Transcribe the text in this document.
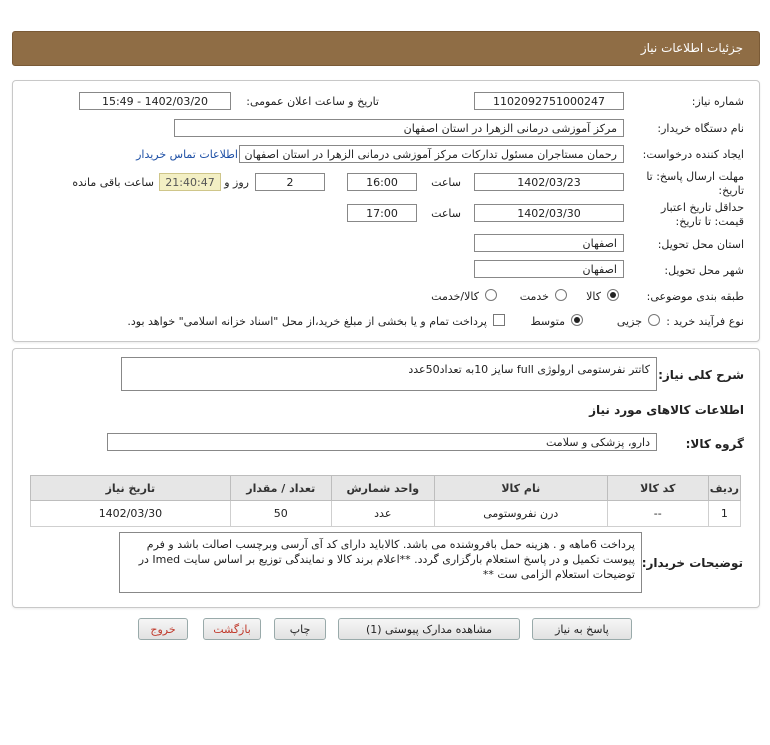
جزئیات اطلاعات نیاز
شماره نیاز:
1102092751000247
تاریخ و ساعت اعلان عمومی:
1402/03/20 - 15:49
نام دستگاه خریدار:
مرکز آموزشی درمانی الزهرا در استان اصفهان
ایجاد کننده درخواست:
رحمان مستاجران مسئول تدارکات مرکز آموزشی درمانی الزهرا در استان اصفهان
اطلاعات تماس خریدار
مهلت ارسال پاسخ: تا تاریخ:
1402/03/23
ساعت
16:00
2
روز و
21:40:47
ساعت باقی مانده
حداقل تاریخ اعتبار قیمت: تا تاریخ:
1402/03/30
ساعت
17:00
استان محل تحویل:
اصفهان
شهر محل تحویل:
اصفهان
طبقه بندی موضوعی:
کالا
خدمت
کالا/خدمت
نوع فرآیند خرید :
جزیی
متوسط
پرداخت تمام و یا بخشی از مبلغ خرید،از محل "اسناد خزانه اسلامی" خواهد بود.
شرح کلی نیاز:
کاتتر نفرستومی ارولوژی full سایز 10به تعداد50عدد
اطلاعات کالاهای مورد نیاز
گروه کالا:
دارو، پزشکی و سلامت
ردیف	کد کالا	نام کالا	واحد شمارش	تعداد / مقدار	تاریخ نیاز
1	--	درن نفروستومی	عدد	50	1402/03/30
توضیحات خریدار:
پرداخت 6ماهه و . هزینه حمل بافروشنده می باشد. کالاباید دارای کد آی آرسی وبرچسب اصالت باشد و فرم پیوست تکمیل و در پاسخ استعلام بارگزاری گردد. **اعلام برند کالا و نمایندگی توزیع بر اساس سایت Imed در توضیحات استعلام الزامی ست **
پاسخ به نیاز
مشاهده مدارک پیوستی (1)
چاپ
بازگشت
خروج
